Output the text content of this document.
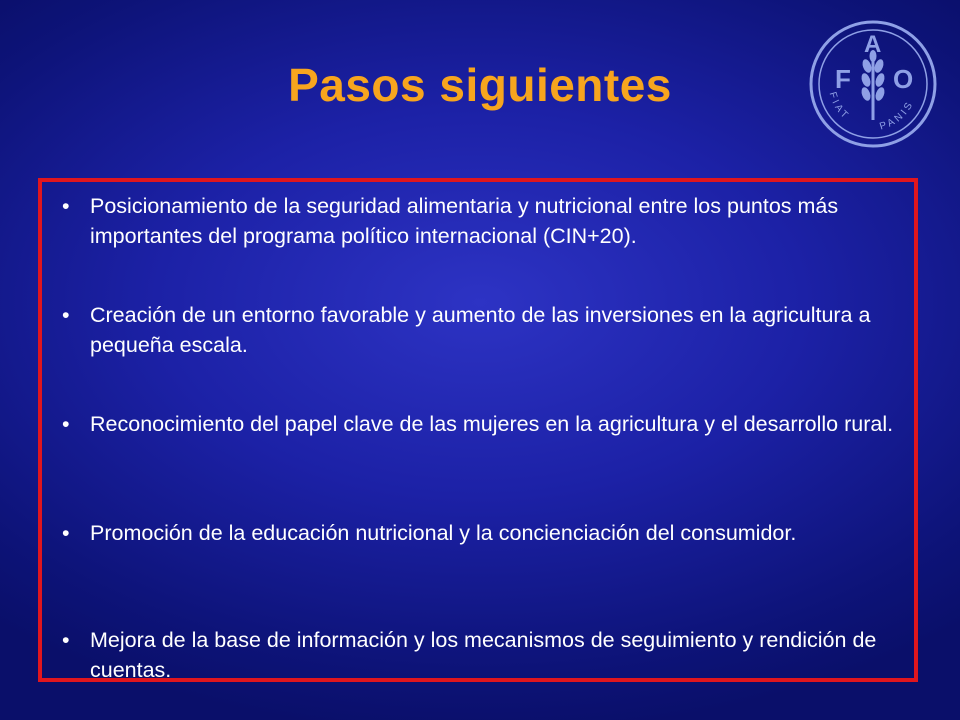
Pasos siguientes	F
A
O
FIAT
PANIS
• Posicionamiento de la seguridad alimentaria y nutricional entre los puntos más importantes del programa político internacional (CIN+20).
• Creación de un entorno favorable y aumento de las inversiones en la agricultura a pequeña escala.
• Reconocimiento del papel clave de las mujeres en la agricultura y el desarrollo rural.
• Promoción de la educación nutricional y la concienciación del consumidor.
• Mejora de la base de información y los mecanismos de seguimiento y rendición de cuentas.
